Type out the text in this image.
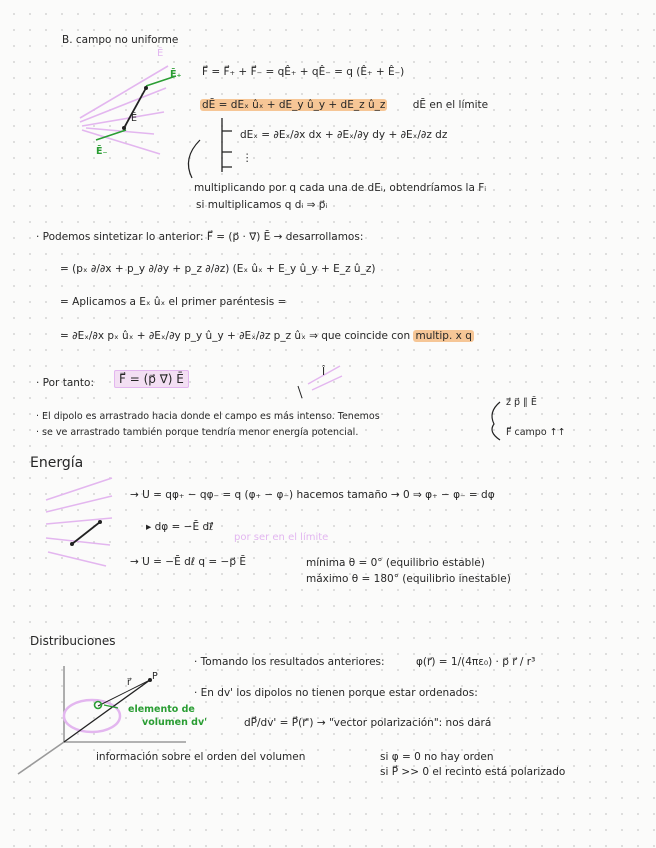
B. campo no uniforme
Ē
Ē₊
Ē₋
Ē
F⃗ = F⃗₊ + F⃗₋ = qÊ₊ + qÊ₋ = q (Ê₊ + Ê₋)
dĒ = dEₓ ûₓ + dE_y û_y + dE_z û_z	dĒ en el límite
dEₓ = ∂Eₓ/∂x dx + ∂Eₓ/∂y dy + ∂Eₓ/∂z dz
⋮
multiplicando por q cada una de dEᵢ, obtendríamos la Fᵢ
si multiplicamos q dᵢ ⇒ p⃗ᵢ
· Podemos sintetizar lo anterior: F⃗ = (p⃗ · ∇⃗) Ē → desarrollamos:
= (pₓ ∂/∂x + p_y ∂/∂y + p_z ∂/∂z) (Eₓ ûₓ + E_y û_y + E_z û_z)
= Aplicamos a Eₓ ûₓ el primer paréntesis =
= ∂Eₓ/∂x pₓ ûₓ + ∂Eₓ/∂y p_y û_y + ∂Eₓ/∂z p_z ûₓ ⇒ que coincide con multip. x q
· Por tanto:	F⃗ = (p⃗ ∇⃗) Ē	Î
· El dipolo es arrastrado hacia donde el campo es más intenso. Tenemos
· se ve arrastrado también porque tendría menor energía potencial.
z⃗ p⃗ ∥ Ē
F⃗ campo ↑↑
Energía
→ U = qφ₊ − qφ₋ = q (φ₊ − φ₋) hacemos tamaño → 0 ⇒ φ₊ − φ₋ = dφ
▸ dφ = −Ē dℓ⃗
por ser en el límite
→ U = −Ē dℓ q = −p⃗ Ē	mínima θ = 0° (equilibrio estable)
máximo θ = 180° (equilibrio inestable)
Distribuciones
P
r⃗
elemento de
volumen dv'
· Tomando los resultados anteriores:	φ(r⃗) = 1/(4πε₀) · p⃗ r⃗ / r³
· En dv' los dipolos no tienen porque estar ordenados:
dP⃗/dv' = P⃗(r⃗') → "vector polarización": nos dará
información sobre el orden del volumen	si φ = 0 no hay orden
si P⃗ >> 0 el recinto está polarizado
